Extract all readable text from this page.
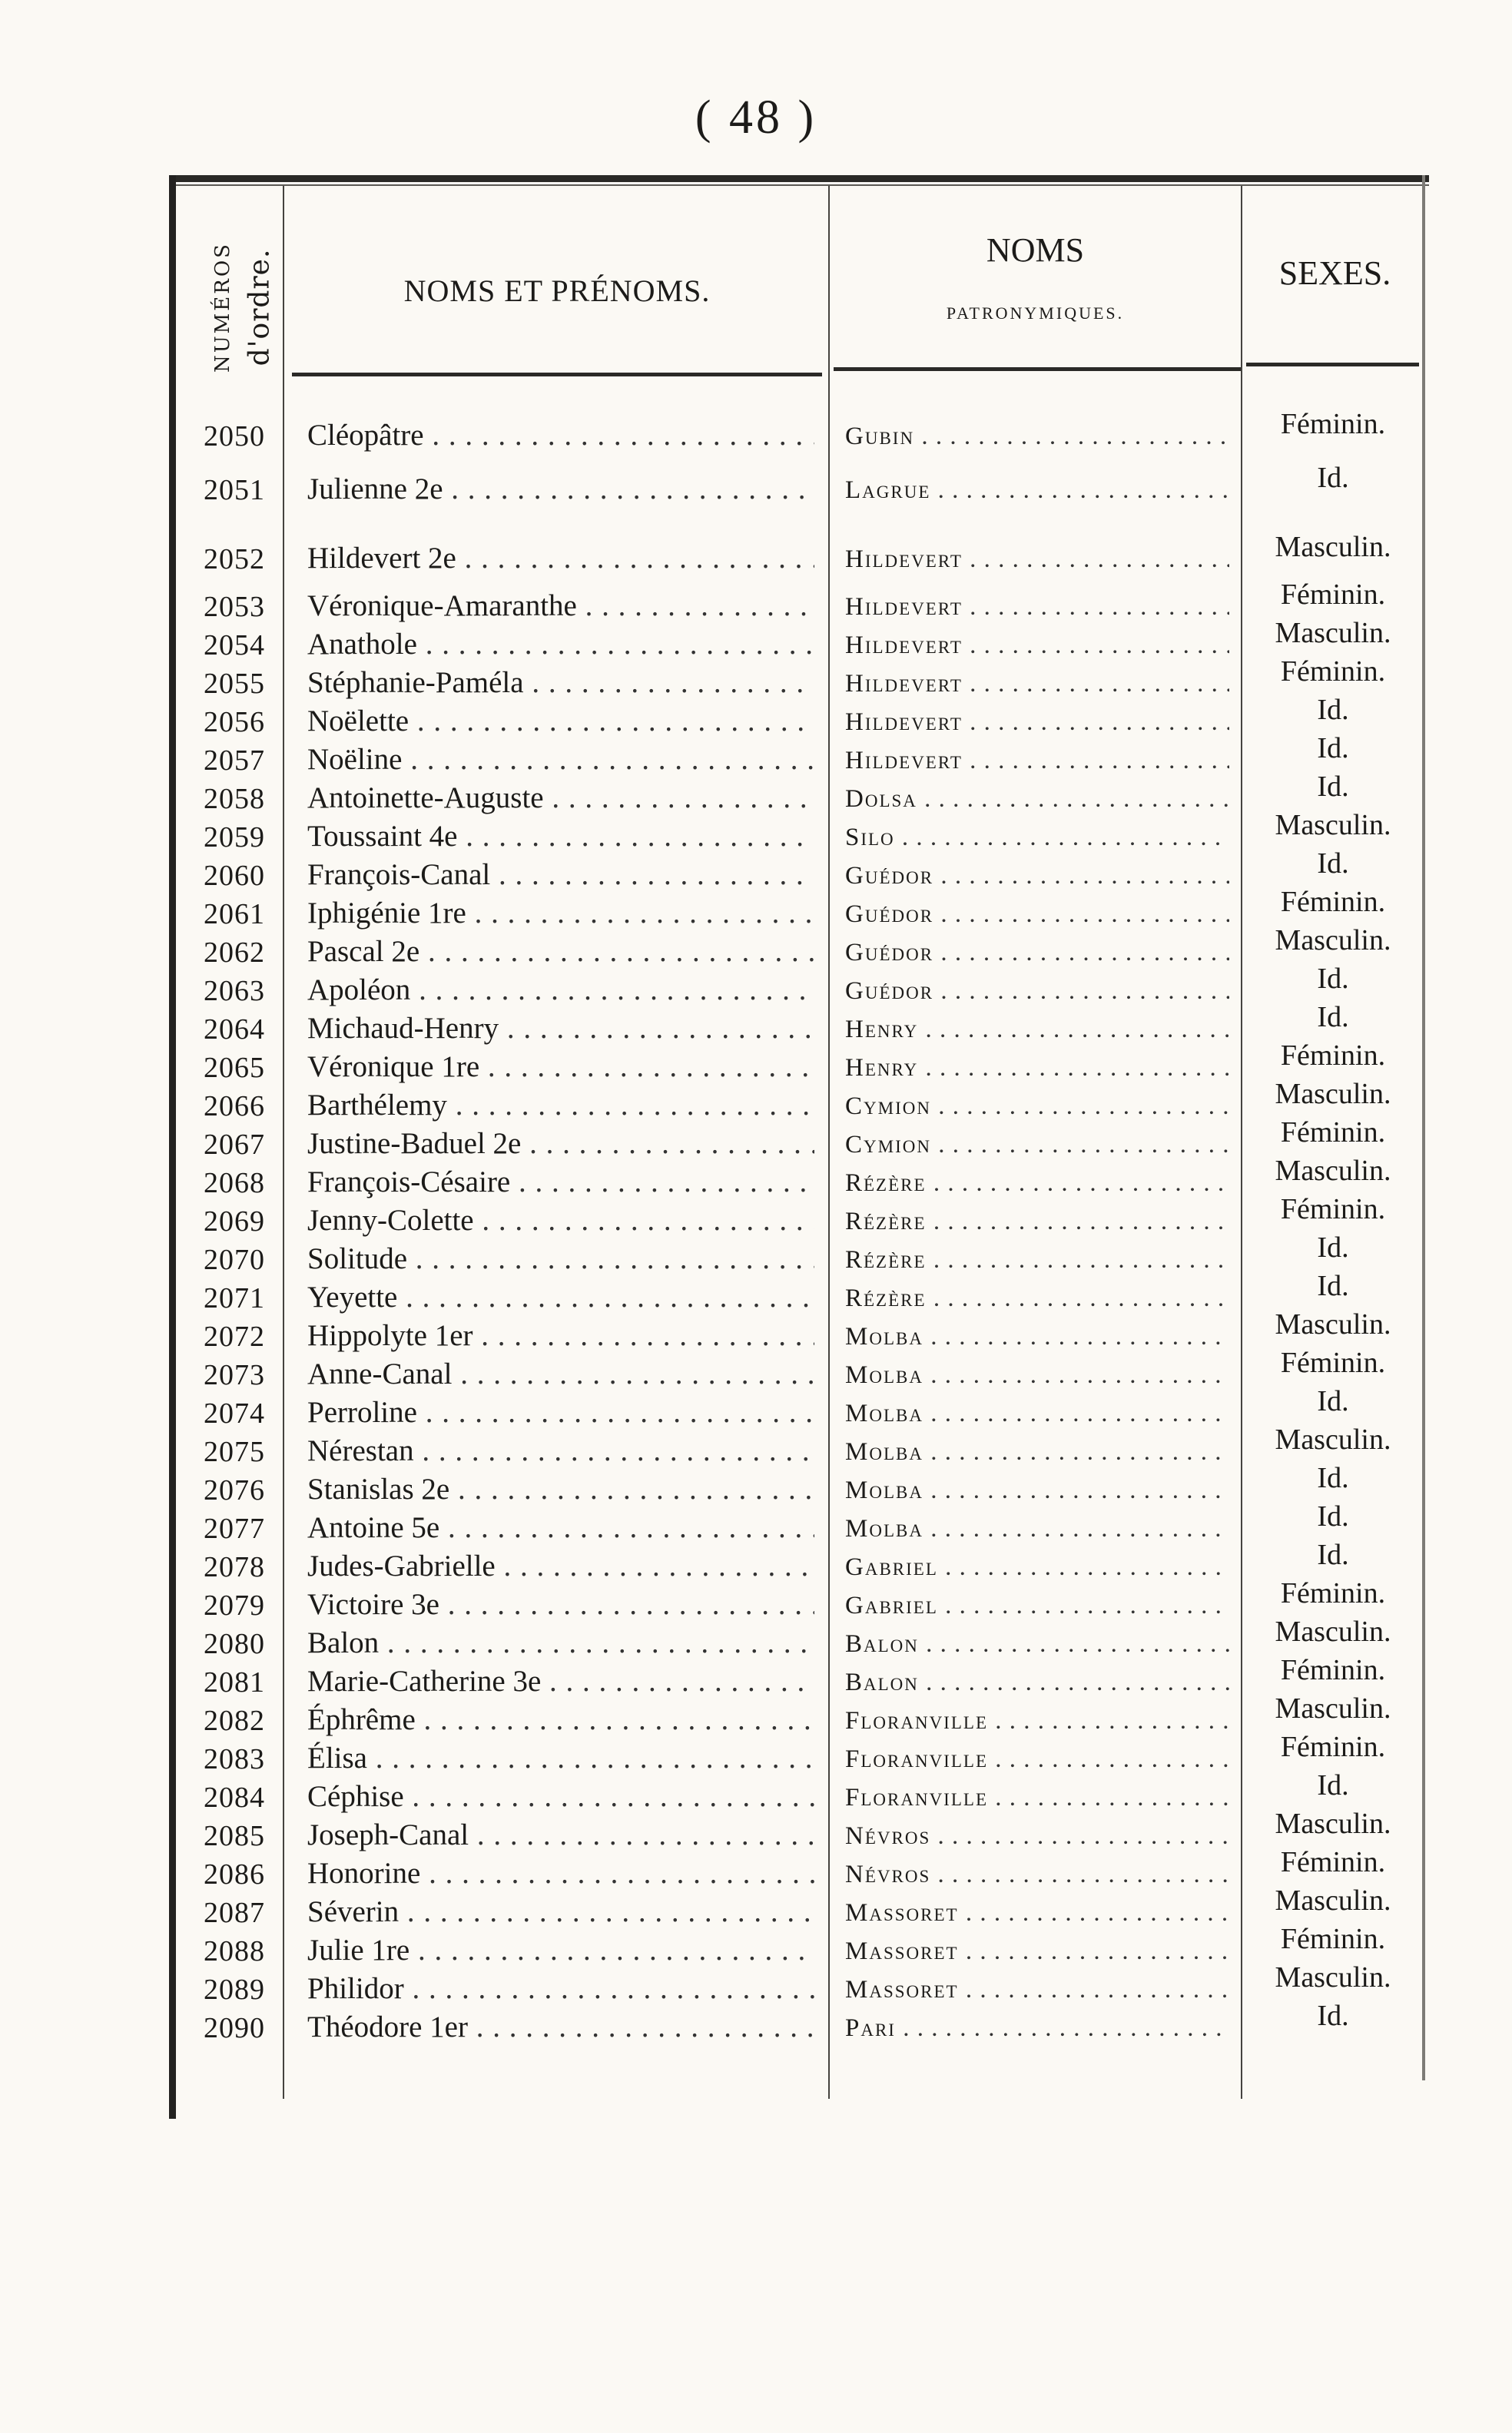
( 48 )
NUMÉROS d'ordre.	NOMS ET PRÉNOMS.
NOMS
PATRONYMIQUES.
SEXES.
2050	Cléopâtre . . .	Gubin . . .	Féminin.
2051	Julienne 2e . . .	Lagrue . . .	Id.
2052	Hildevert 2e . . .	Hildevert . . .	Masculin.
2053	Véronique-Amaranthe . . .	Hildevert . . .	Féminin.
2054	Anathole . . .	Hildevert . . .	Masculin.
2055	Stéphanie-Paméla . . .	Hildevert . . .	Féminin.
2056	Noëlette . . .	Hildevert . . .	Id.
2057	Noëline . . .	Hildevert . . .	Id.
2058	Antoinette-Auguste . . .	Dolsa . . .	Id.
2059	Toussaint 4e . . .	Silo . . .	Masculin.
2060	François-Canal . . .	Guédor . . .	Id.
2061	Iphigénie 1re . . .	Guédor . . .	Féminin.
2062	Pascal 2e . . .	Guédor . . .	Masculin.
2063	Apoléon . . .	Guédor . . .	Id.
2064	Michaud-Henry . . .	Henry . . .	Id.
2065	Véronique 1re . . .	Henry . . .	Féminin.
2066	Barthélemy . . .	Cymion . . .	Masculin.
2067	Justine-Baduel 2e . . .	Cymion . . .	Féminin.
2068	François-Césaire . . .	Rézère . . .	Masculin.
2069	Jenny-Colette . . .	Rézère . . .	Féminin.
2070	Solitude . . .	Rézère . . .	Id.
2071	Yeyette . . .	Rézère . . .	Id.
2072	Hippolyte 1er . . .	Molba . . .	Masculin.
2073	Anne-Canal . . .	Molba . . .	Féminin.
2074	Perroline . . .	Molba . . .	Id.
2075	Nérestan . . .	Molba . . .	Masculin.
2076	Stanislas 2e . . .	Molba . . .	Id.
2077	Antoine 5e . . .	Molba . . .	Id.
2078	Judes-Gabrielle . . .	Gabriel . . .	Id.
2079	Victoire 3e . . .	Gabriel . . .	Féminin.
2080	Balon . . .	Balon . . .	Masculin.
2081	Marie-Catherine 3e . . .	Balon . . .	Féminin.
2082	Éphrême . . .	Floranville . . .	Masculin.
2083	Élisa . . .	Floranville . . .	Féminin.
2084	Céphise . . .	Floranville . . .	Id.
2085	Joseph-Canal . . .	Névros . . .	Masculin.
2086	Honorine . . .	Névros . . .	Féminin.
2087	Séverin . . .	Massoret . . .	Masculin.
2088	Julie 1re . . .	Massoret . . .	Féminin.
2089	Philidor . . .	Massoret . . .	Masculin.
2090	Théodore 1er . . .	Pari . . .	Id.
